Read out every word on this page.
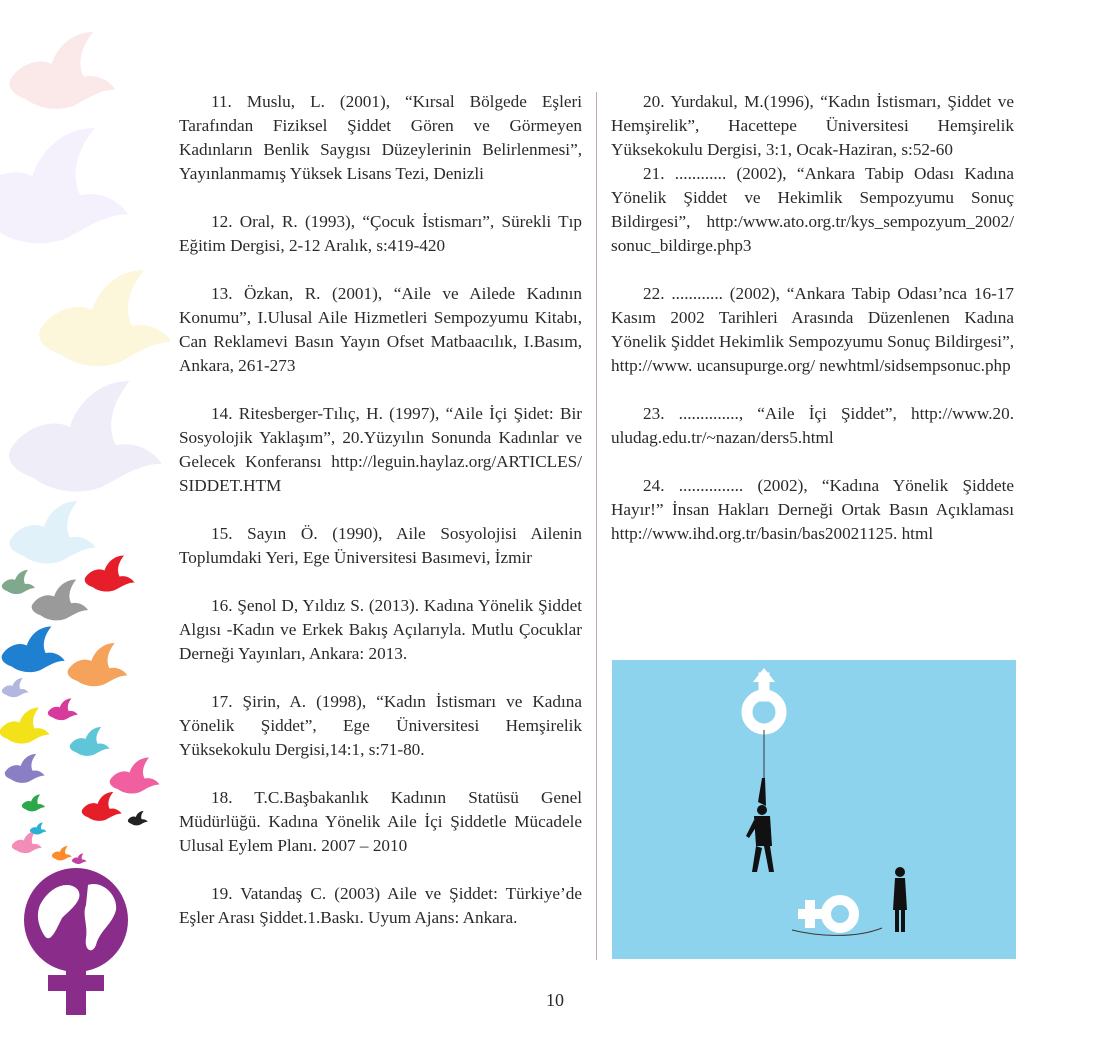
11. Muslu, L. (2001), “Kırsal Bölgede Eşleri Tarafından Fiziksel Şiddet Gören ve Görmeyen Kadınların Benlik Saygısı Düzeylerinin Belirlenmesi”, Yayınlanmamış Yüksek Lisans Tezi, Denizli

12. Oral, R. (1993), “Çocuk İstismarı”, Sürekli Tıp Eğitim Dergisi, 2-12 Aralık, s:419-420

13. Özkan, R. (2001), “Aile ve Ailede Kadının Konumu”, I.Ulusal Aile Hizmetleri Sempozyumu Kitabı, Can Reklamevi Basın Yayın Ofset Matbaacılık, I.Basım, Ankara, 261-273

14. Ritesberger-Tılıç, H. (1997), “Aile İçi Şidet: Bir Sosyolojik Yaklaşım”, 20.Yüzyılın Sonunda Kadınlar ve Gelecek Konferansı http://leguin.haylaz.org/ARTICLES/ SIDDET.HTM

15. Sayın Ö. (1990), Aile Sosyolojisi Ailenin Toplumdaki Yeri, Ege Üniversitesi Basımevi, İzmir

16. Şenol D, Yıldız S. (2013). Kadına Yönelik Şiddet Algısı -Kadın ve Erkek Bakış Açılarıyla. Mutlu Çocuklar Derneği Yayınları, Ankara: 2013.

17. Şirin, A. (1998), “Kadın İstismarı ve Kadına Yönelik Şiddet”, Ege Üniversitesi Hemşirelik Yüksekokulu Dergisi,14:1, s:71-80.

18. T.C.Başbakanlık Kadının Statüsü Genel Müdürlüğü. Kadına Yönelik Aile İçi Şiddetle Mücadele Ulusal Eylem Planı. 2007 – 2010

19. Vatandaş C. (2003) Aile ve Şiddet: Türkiye’de Eşler Arası Şiddet.1.Baskı. Uyum Ajans: Ankara.

20. Yurdakul, M.(1996), “Kadın İstismarı, Şiddet ve Hemşirelik”, Hacettepe Üniversitesi Hemşirelik Yüksekokulu Dergisi, 3:1, Ocak-Haziran, s:52-60

21. ............ (2002), “Ankara Tabip Odası Kadına Yönelik Şiddet ve Hekimlik Sempozyumu Sonuç Bildirgesi”, http:/www.ato.org.tr/kys_sempozyum_2002/ sonuc_bildirge.php3

22. ............ (2002), “Ankara Tabip Odası’nca 16-17 Kasım 2002 Tarihleri Arasında Düzenlenen Kadına Yönelik Şiddet Hekimlik Sempozyumu Sonuç Bildirgesi”, http://www. ucansupurge.org/ newhtml/sidsempsonuc.php

23. .............., “Aile İçi Şiddet”, http://www.20. uludag.edu.tr/~nazan/ders5.html

24. ............... (2002), “Kadına Yönelik Şiddete Hayır!” İnsan Hakları Derneği Ortak Basın Açıklaması http://www.ihd.org.tr/basin/bas20021125. html

10
